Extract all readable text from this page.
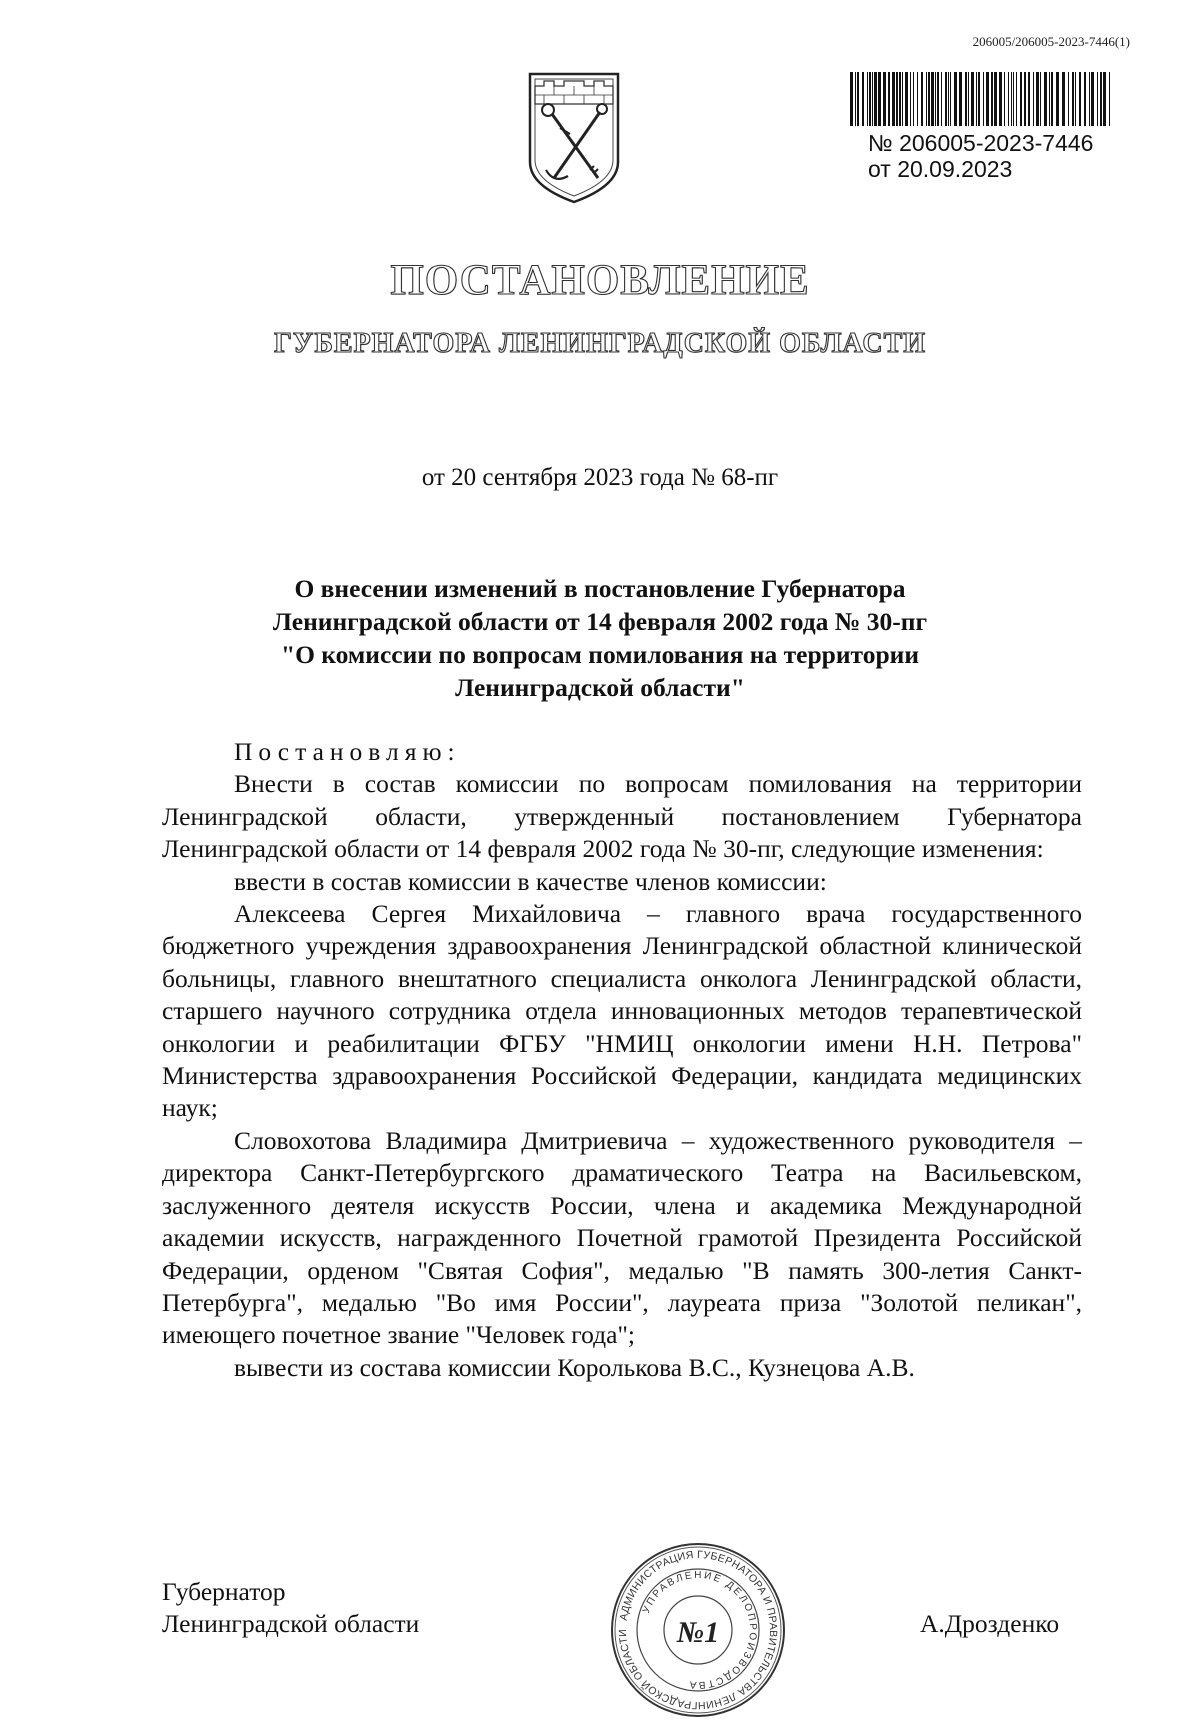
206005/206005-2023-7446(1)
№ 206005-2023-7446
от 20.09.2023
ПОСТАНОВЛЕНИЕ
ГУБЕРНАТОРА ЛЕНИНГРАДСКОЙ ОБЛАСТИ
от 20 сентября 2023 года № 68-пг
О внесении изменений в постановление Губернатора
Ленинградской области от 14 февраля 2002 года № 30-пг
"О комиссии по вопросам помилования на территории
Ленинградской области"

Постановляю:

Внести в состав комиссии по вопросам помилования на территории Ленинградской области, утвержденный постановлением Губернатора Ленинградской области от 14 февраля 2002 года № 30-пг, следующие изменения:

ввести в состав комиссии в качестве членов комиссии:

Алексеева Сергея Михайловича – главного врача государственного бюджетного учреждения здравоохранения Ленинградской областной клинической больницы, главного внештатного специалиста онколога Ленинградской области, старшего научного сотрудника отдела инновационных методов терапевтической онкологии и реабилитации ФГБУ "НМИЦ онкологии имени Н.Н. Петрова" Министерства здравоохранения Российской Федерации, кандидата медицинских наук;

Словохотова Владимира Дмитриевича – художественного руководителя – директора Санкт-Петербургского драматического Театра на Васильевском, заслуженного деятеля искусств России, члена и академика Международной академии искусств, награжденного Почетной грамотой Президента Российской Федерации, орденом "Святая София", медалью "В память 300-летия Санкт-Петербурга", медалью "Во имя России", лауреата приза "Золотой пеликан", имеющего почетное звание "Человек года";

вывести из состава комиссии Королькова В.С., Кузнецова А.В.

Губернатор
Ленинградской области	АДМИНИСТРАЦИЯ ГУБЕРНАТОРА И ПРАВИТЕЛЬСТВА ЛЕНИНГРАДСКОЙ ОБЛАСТИ
УПРАВЛЕНИЕ ДЕЛОПРОИЗВОДСТВА
№1	А.Дрозденко
